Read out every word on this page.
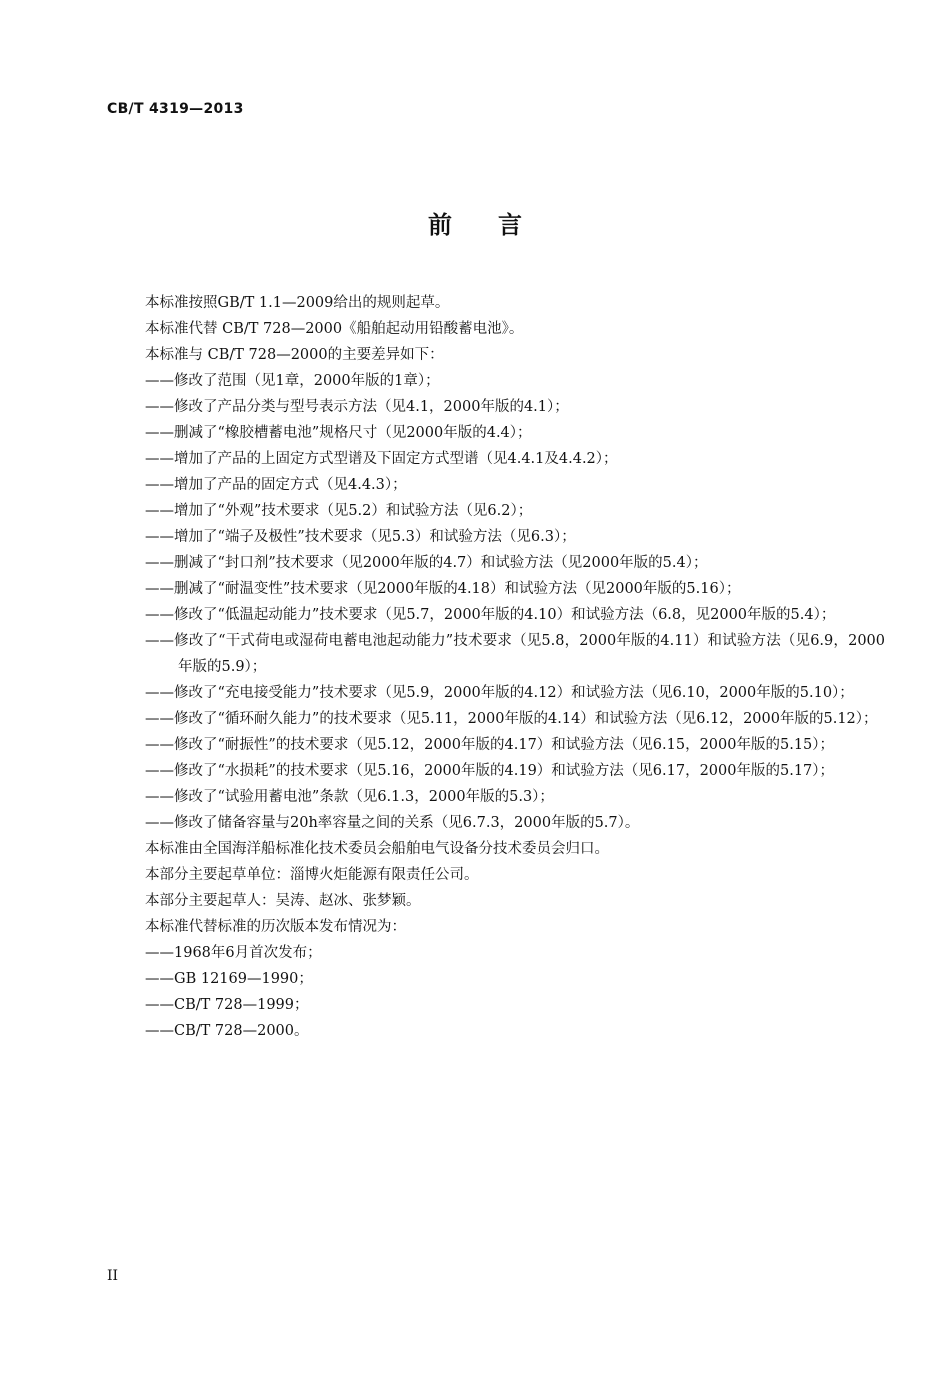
CB/T 4319—2013
前言
本标准按照GB/T 1.1—2009给出的规则起草。
本标准代替 CB/T 728—2000《船舶起动用铅酸蓄电池》。
本标准与 CB/T 728—2000的主要差异如下：
——修改了范围（见1章，2000年版的1章）；
——修改了产品分类与型号表示方法（见4.1，2000年版的4.1）；
——删减了“橡胶槽蓄电池”规格尺寸（见2000年版的4.4）；
——增加了产品的上固定方式型谱及下固定方式型谱（见4.4.1及4.4.2）；
——增加了产品的固定方式（见4.4.3）；
——增加了“外观”技术要求（见5.2）和试验方法（见6.2）；
——增加了“端子及极性”技术要求（见5.3）和试验方法（见6.3）；
——删减了“封口剂”技术要求（见2000年版的4.7）和试验方法（见2000年版的5.4）；
——删减了“耐温变性”技术要求（见2000年版的4.18）和试验方法（见2000年版的5.16）；
——修改了“低温起动能力”技术要求（见5.7，2000年版的4.10）和试验方法（6.8，见2000年版的5.4）；
——修改了“干式荷电或湿荷电蓄电池起动能力”技术要求（见5.8，2000年版的4.11）和试验方法（见6.9，2000年版的5.9）；
——修改了“充电接受能力”技术要求（见5.9，2000年版的4.12）和试验方法（见6.10，2000年版的5.10）；
——修改了“循环耐久能力”的技术要求（见5.11，2000年版的4.14）和试验方法（见6.12，2000年版的5.12）；
——修改了“耐振性”的技术要求（见5.12，2000年版的4.17）和试验方法（见6.15，2000年版的5.15）；
——修改了“水损耗”的技术要求（见5.16，2000年版的4.19）和试验方法（见6.17，2000年版的5.17）；
——修改了“试验用蓄电池”条款（见6.1.3，2000年版的5.3）；
——修改了储备容量与20h率容量之间的关系（见6.7.3，2000年版的5.7）。
本标准由全国海洋船标准化技术委员会船舶电气设备分技术委员会归口。
本部分主要起草单位：淄博火炬能源有限责任公司。
本部分主要起草人：吴涛、赵冰、张梦颖。
本标准代替标准的历次版本发布情况为：
——1968年6月首次发布；
——GB 12169—1990；
——CB/T 728—1999；
——CB/T 728—2000。
II
